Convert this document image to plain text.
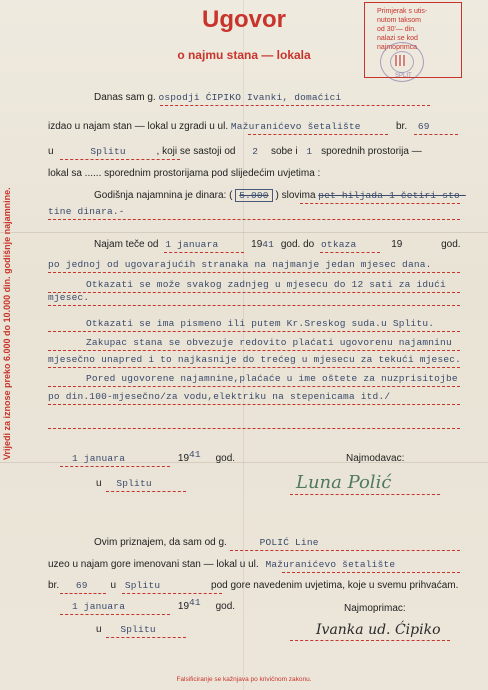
Ugovor
o najmu stana — lokala
Primjerak s utis-
nutom taksom
od 30'— din.
nalazi se kod
najmoprimca
SPLIT
Vrijedi za iznose preko 6.000 do 10.000 din. godišnje najamnine.
Danas sam g. ospodji ĆIPIKO Ivanki, domaćici
izdao u najam stan — lokal u zgradi u ul. Mažuranićevo šetalište	br. 69
u	Splitu	, koji se sastoji od 2 sobe i 1 sporednih prostorija —
lokal sa ...... sporednim prostorijama pod slijedećim uvjetima :
Godišnja najamnina je dinara: ( 5.000 ) slovima pet hiljada 1 četiri sto-
tine dinara.-
Najam teče od 1 januara	1941 god. do otkaza	19	god.
po jednoj od ugovarajućih stranaka na najmanje jedan mjesec dana.
Otkazati se može svakog zadnjeg u mjesecu do 12 sati za idući
mjesec.
Otkazati se ima pismeno ili putem Kr.Sreskog suda.u Splitu.
Zakupac stana se obvezuje redovito plaćati ugovorenu najamninu
mjesečno unapred i to najkasnije do trećeg u mjesecu za tekući mjesec.
Pored ugovorene najamnine,plaćaće u ime oštete za nuzprisitojbe
po din.100-mjesečno/za vodu,elektriku na stepenicama itd./
1 januara	1941 god.	Najmodavac:
Luna Polić
u Splitu
Ovim priznajem, da sam od g.	POLIĆ Line
uzeo u najam gore imenovani stan — lokal u ul. Mažuranićevo šetalište
br. 69 u Splitu	pod gore navedenim uvjetima, koje u svemu prihvaćam.
1 januara	1941 god.	Najmoprimac:
u Splitu	Ivanka ud. Ćipiko
Falsificiranje se kažnjava po krivičnom zakonu.
